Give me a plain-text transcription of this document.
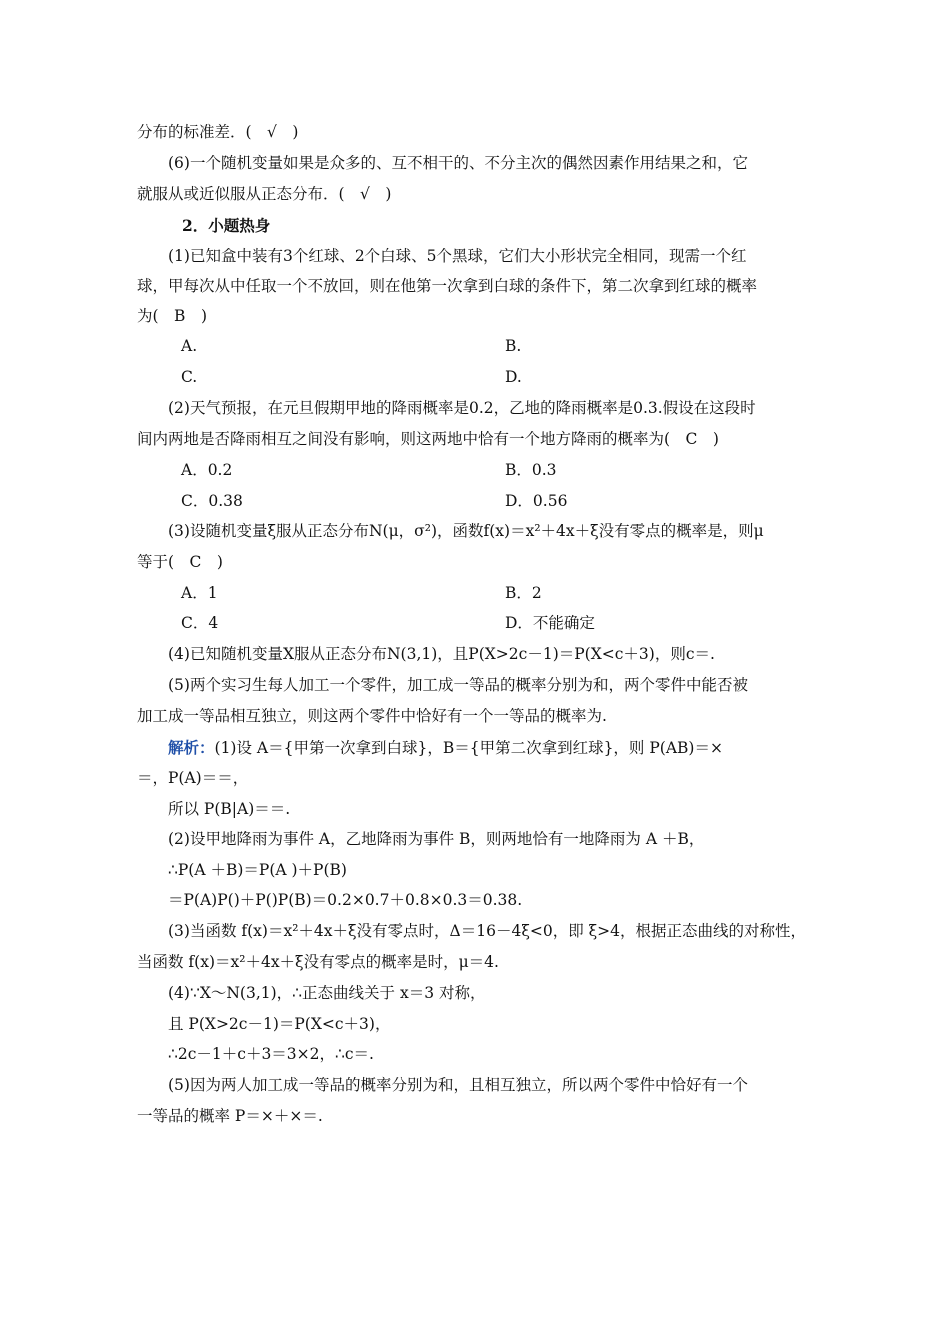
分布的标准差．(　√　)
(6)一个随机变量如果是众多的、互不相干的、不分主次的偶然因素作用结果之和，它
就服从或近似服从正态分布．(　√　)
2．小题热身
(1)已知盒中装有3个红球、2个白球、5个黑球，它们大小形状完全相同，现需一个红
球，甲每次从中任取一个不放回，则在他第一次拿到白球的条件下，第二次拿到红球的概率
为(　B　)
A.	B.
C.	D.
(2)天气预报，在元旦假期甲地的降雨概率是0.2，乙地的降雨概率是0.3.假设在这段时
间内两地是否降雨相互之间没有影响，则这两地中恰有一个地方降雨的概率为(　C　)
A．0.2	B．0.3
C．0.38	D．0.56
(3)设随机变量ξ服从正态分布N(μ，σ²)，函数f(x)＝x²＋4x＋ξ没有零点的概率是，则μ
等于(　C　)
A．1	B．2
C．4	D．不能确定
(4)已知随机变量X服从正态分布N(3,1)，且P(X>2c－1)＝P(X<c＋3)，则c＝.
(5)两个实习生每人加工一个零件，加工成一等品的概率分别为和，两个零件中能否被
加工成一等品相互独立，则这两个零件中恰好有一个一等品的概率为.
解析：(1)设 A＝{甲第一次拿到白球}，B＝{甲第二次拿到红球}，则 P(AB)＝×
＝，P(A)＝＝，
所以 P(B|A)＝＝.
(2)设甲地降雨为事件 A，乙地降雨为事件 B，则两地恰有一地降雨为 A ＋B，
∴P(A ＋B)＝P(A )＋P(B)
＝P(A)P()＋P()P(B)＝0.2×0.7＋0.8×0.3＝0.38.
(3)当函数 f(x)＝x²＋4x＋ξ没有零点时，Δ＝16－4ξ<0，即 ξ>4，根据正态曲线的对称性，
当函数 f(x)＝x²＋4x＋ξ没有零点的概率是时，μ＝4.
(4)∵X～N(3,1)，∴正态曲线关于 x＝3 对称，
且 P(X>2c－1)＝P(X<c＋3)，
∴2c－1＋c＋3＝3×2，∴c＝.
(5)因为两人加工成一等品的概率分别为和，且相互独立，所以两个零件中恰好有一个
一等品的概率 P＝×＋×＝.
